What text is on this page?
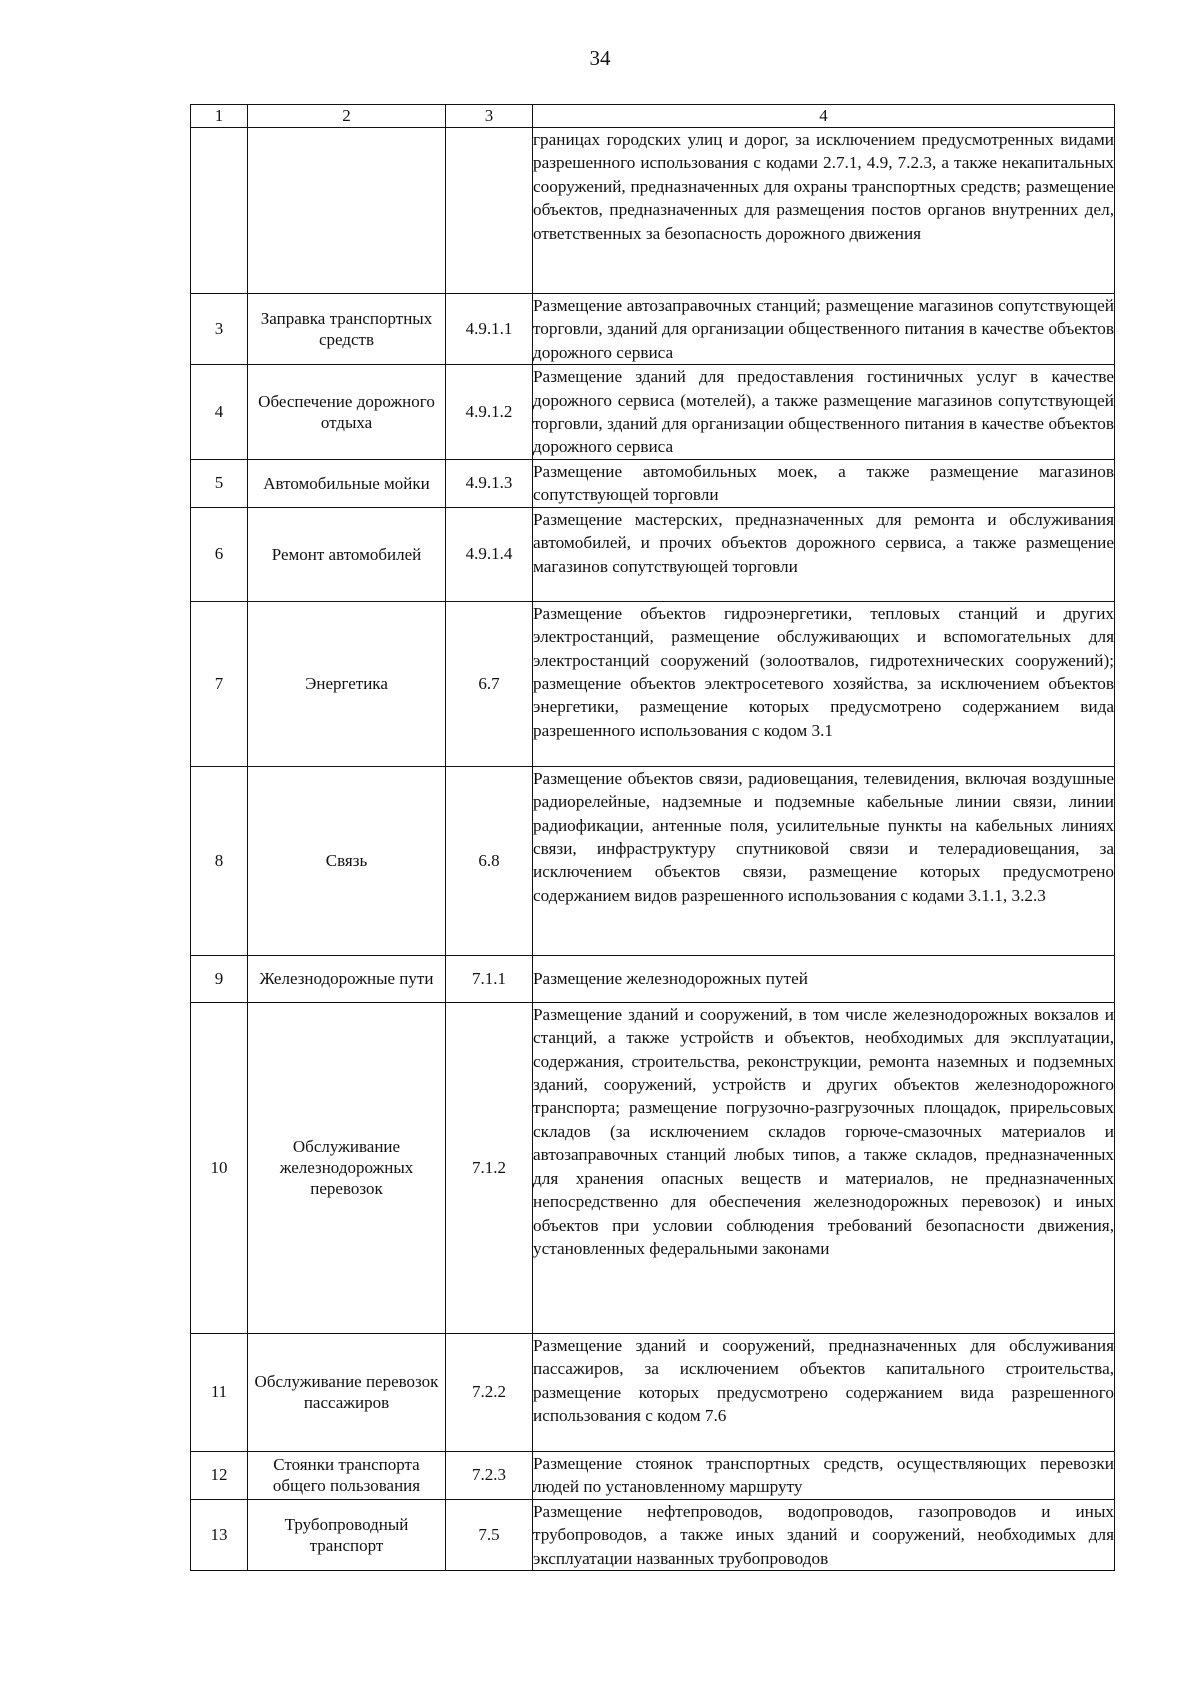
34
1	2	3	4
			границах городских улиц и дорог, за исключением предусмотренных видами разрешенного использования с кодами 2.7.1, 4.9, 7.2.3, а также некапитальных сооружений, предназначенных для охраны транспортных средств; размещение объектов, предназначенных для размещения постов органов внутренних дел, ответственных за безопасность дорожного движения
3	Заправка транспортных средств	4.9.1.1	Размещение автозаправочных станций; размещение магазинов сопутствующей торговли, зданий для организации общественного питания в качестве объектов дорожного сервиса
4	Обеспечение дорожного отдыха	4.9.1.2	Размещение зданий для предоставления гостиничных услуг в качестве дорожного сервиса (мотелей), а также размещение магазинов сопутствующей торговли, зданий для организации общественного питания в качестве объектов дорожного сервиса
5	Автомобильные мойки	4.9.1.3	Размещение автомобильных моек, а также размещение магазинов сопутствующей торговли
6	Ремонт автомобилей	4.9.1.4	Размещение мастерских, предназначенных для ремонта и обслуживания автомобилей, и прочих объектов дорожного сервиса, а также размещение магазинов сопутствующей торговли
7	Энергетика	6.7	Размещение объектов гидроэнергетики, тепловых станций и других электростанций, размещение обслуживающих и вспомогательных для электростанций сооружений (золоотвалов, гидротехнических сооружений); размещение объектов электросетевого хозяйства, за исключением объектов энергетики, размещение которых предусмотрено содержанием вида разрешенного использования с кодом 3.1
8	Связь	6.8	Размещение объектов связи, радиовещания, телевидения, включая воздушные радиорелейные, надземные и подземные кабельные линии связи, линии радиофикации, антенные поля, усилительные пункты на кабельных линиях связи, инфраструктуру спутниковой связи и телерадиовещания, за исключением объектов связи, размещение которых предусмотрено содержанием видов разрешенного использования с кодами 3.1.1, 3.2.3
9	Железнодорожные пути	7.1.1	Размещение железнодорожных путей
10	Обслуживание железнодорожных перевозок	7.1.2	Размещение зданий и сооружений, в том числе железнодорожных вокзалов и станций, а также устройств и объектов, необходимых для эксплуатации, содержания, строительства, реконструкции, ремонта наземных и подземных зданий, сооружений, устройств и других объектов железнодорожного транспорта; размещение погрузочно-разгрузочных площадок, прирельсовых складов (за исключением складов горюче-смазочных материалов и автозаправочных станций любых типов, а также складов, предназначенных для хранения опасных веществ и материалов, не предназначенных непосредственно для обеспечения железнодорожных перевозок) и иных объектов при условии соблюдения требований безопасности движения, установленных федеральными законами
11	Обслуживание перевозок пассажиров	7.2.2	Размещение зданий и сооружений, предназначенных для обслуживания пассажиров, за исключением объектов капитального строительства, размещение которых предусмотрено содержанием вида разрешенного использования с кодом 7.6
12	Стоянки транспорта общего пользования	7.2.3	Размещение стоянок транспортных средств, осуществляющих перевозки людей по установленному маршруту
13	Трубопроводный транспорт	7.5	Размещение нефтепроводов, водопроводов, газопроводов и иных трубопроводов, а также иных зданий и сооружений, необходимых для эксплуатации названных трубопроводов
